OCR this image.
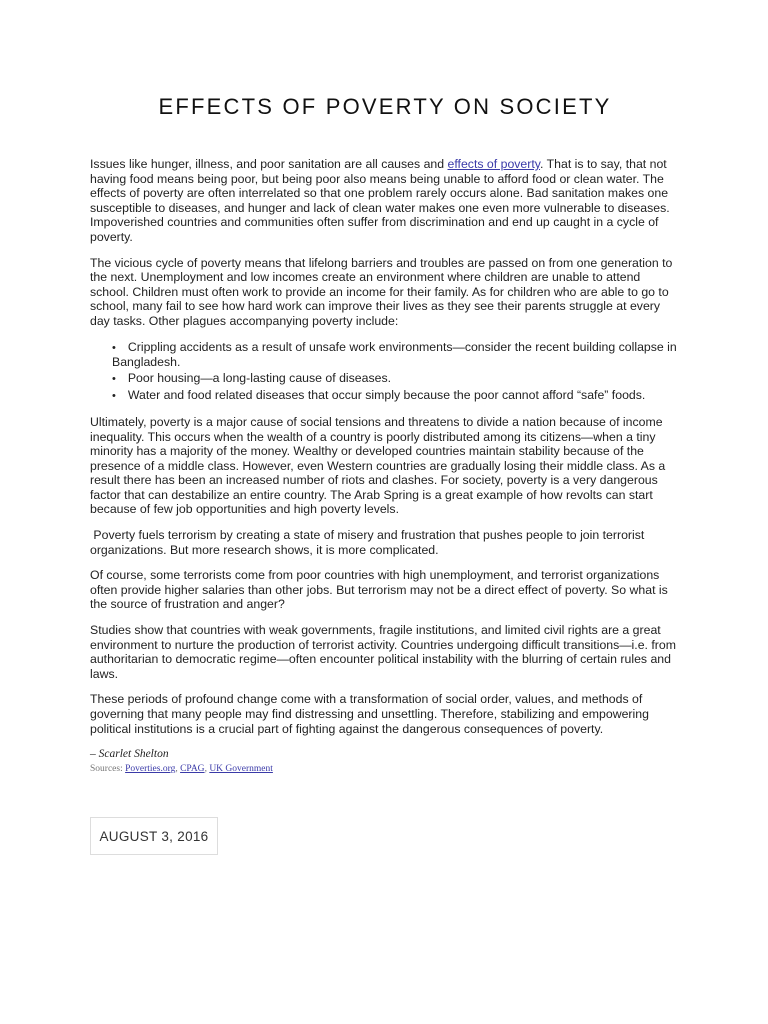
EFFECTS OF POVERTY ON SOCIETY

Issues like hunger, illness, and poor sanitation are all causes and effects of poverty. That is to say, that not having food means being poor, but being poor also means being unable to afford food or clean water. The effects of poverty are often interrelated so that one problem rarely occurs alone. Bad sanitation makes one susceptible to diseases, and hunger and lack of clean water makes one even more vulnerable to diseases. Impoverished countries and communities often suffer from discrimination and end up caught in a cycle of poverty.

The vicious cycle of poverty means that lifelong barriers and troubles are passed on from one generation to the next. Unemployment and low incomes create an environment where children are unable to attend school. Children must often work to provide an income for their family. As for children who are able to go to school, many fail to see how hard work can improve their lives as they see their parents struggle at every day tasks. Other plagues accompanying poverty include:

• Crippling accidents as a result of unsafe work environments—consider the recent building collapse in Bangladesh.
• Poor housing—a long-lasting cause of diseases.
• Water and food related diseases that occur simply because the poor cannot afford “safe” foods.

Ultimately, poverty is a major cause of social tensions and threatens to divide a nation because of income inequality. This occurs when the wealth of a country is poorly distributed among its citizens—when a tiny minority has a majority of the money. Wealthy or developed countries maintain stability because of the presence of a middle class. However, even Western countries are gradually losing their middle class. As a result there has been an increased number of riots and clashes. For society, poverty is a very dangerous factor that can destabilize an entire country. The Arab Spring is a great example of how revolts can start because of few job opportunities and high poverty levels.

Poverty fuels terrorism by creating a state of misery and frustration that pushes people to join terrorist organizations. But more research shows, it is more complicated.

Of course, some terrorists come from poor countries with high unemployment, and terrorist organizations often provide higher salaries than other jobs. But terrorism may not be a direct effect of poverty. So what is the source of frustration and anger?

Studies show that countries with weak governments, fragile institutions, and limited civil rights are a great environment to nurture the production of terrorist activity. Countries undergoing difficult transitions—i.e. from authoritarian to democratic regime—often encounter political instability with the blurring of certain rules and laws.

These periods of profound change come with a transformation of social order, values, and methods of governing that many people may find distressing and unsettling. Therefore, stabilizing and empowering political institutions is a crucial part of fighting against the dangerous consequences of poverty.

– Scarlet Shelton
Sources: Poverties.org, CPAG, UK Government
AUGUST 3, 2016
